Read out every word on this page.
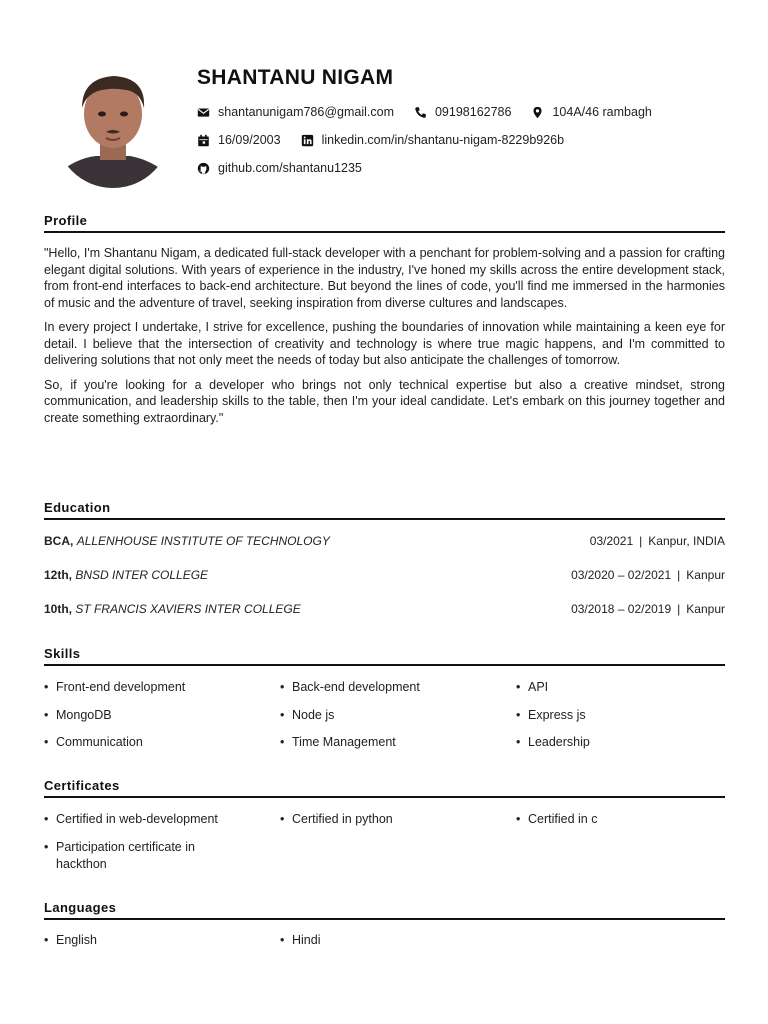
SHANTANU NIGAM
shantanunigam786@gmail.com	09198162786	104A/46 rambagh
16/09/2003	linkedin.com/in/shantanu-nigam-8229b926b
github.com/shantanu1235
Profile

"Hello, I'm Shantanu Nigam, a dedicated full-stack developer with a penchant for problem-solving and a passion for crafting elegant digital solutions. With years of experience in the industry, I've honed my skills across the entire development stack, from front-end interfaces to back-end architecture. But beyond the lines of code, you'll find me immersed in the harmonies of music and the adventure of travel, seeking inspiration from diverse cultures and landscapes.

In every project I undertake, I strive for excellence, pushing the boundaries of innovation while maintaining a keen eye for detail. I believe that the intersection of creativity and technology is where true magic happens, and I'm committed to delivering solutions that not only meet the needs of today but also anticipate the challenges of tomorrow.

So, if you're looking for a developer who brings not only technical expertise but also a creative mindset, strong communication, and leadership skills to the table, then I'm your ideal candidate. Let's embark on this journey together and create something extraordinary."

Education
BCA, ALLENHOUSE INSTITUTE OF TECHNOLOGY	03/2021 | Kanpur, INDIA
12th, BNSD INTER COLLEGE	03/2020 – 02/2021 | Kanpur
10th, ST FRANCIS XAVIERS INTER COLLEGE	03/2018 – 02/2019 | Kanpur
Skills
• Front-end development	• Back-end development	• API
• MongoDB	• Node js	• Express js
• Communication	• Time Management	• Leadership
Certificates
• Certified in web-development	• Certified in python	• Certified in c
• Participation certificate in hackthon
Languages
• English	• Hindi
